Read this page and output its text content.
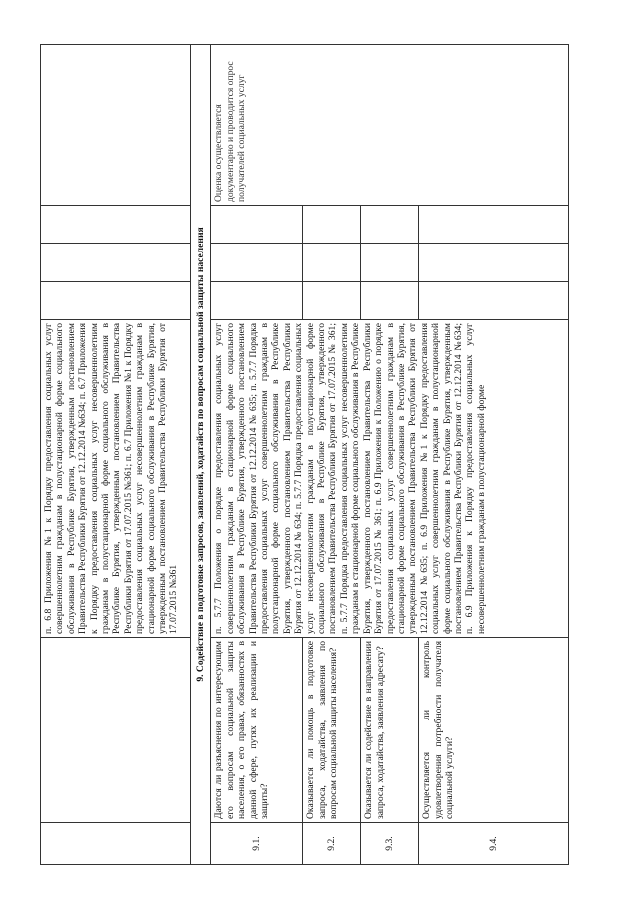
		п. 6.8 Приложения №1 к Порядку предоставления социальных услуг совершеннолетним гражданам в полустационарной форме социального обслуживания в Республике Бурятия, утвержденным постановлением Правительства Республики Бурятия от 12.12.2014 №634; п. 6.7 Приложения к Порядку предоставления социальных услуг несовершеннолетним гражданам в полустационарной форме социального обслуживания в Республике Бурятия, утвержденным постановлением Правительства Республики Бурятия от 17.07.2015 №361; п. 6.7 Приложения №1 к Порядку предоставления социальных услуг несовершеннолетним гражданам в стационарной форме социального обслуживания в Республике Бурятия, утвержденным постановлением Правительства Республики Бурятия от 17.07.2015 №361				
9. Содействие в подготовке запросов, заявлений, ходатайств по вопросам социальной защиты населения						
9.1.	Даются ли разъяснения по интересующим его вопросам социальной защиты населения, о его правах, обязанностях в данной сфере, путях их реализации и защиты?	п. 5.7.7 Положения о порядке предоставления социальных услуг совершеннолетним гражданам в стационарной форме социального обслуживания в Республике Бурятия, утвержденного постановлением Правительства Республики Бурятия от 12.12.2014 № 635; п. 5.7.7 Порядка предоставления социальных услуг совершеннолетним гражданам в полустационарной форме социального обслуживания в Республике Бурятия, утвержденного постановлением Правительства Республики Бурятия от 12.12.2014 № 634; п. 5.7.7 Порядка предоставления социальных услуг несовершеннолетним гражданам в полустационарной форме социального обслуживания в Республике Бурятия, утвержденного постановлением Правительства Республики Бурятия от 17.07.2015 № 361; п. 5.7.7 Порядка предоставления социальных услуг несовершеннолетним гражданам в стационарной форме социального обслуживания в Республике Бурятия, утвержденного постановлением Правительства Республики Бурятия от 17.07.2015 № 361; п. 6.9 Приложения к Положению о порядке предоставления социальных услуг совершеннолетним гражданам в стационарной форме социального обслуживания в Республике Бурятия, утвержденным постановлением Правительства Республики Бурятия от 12.12.2014 №635; п. 6.9 Приложения №1 к Порядку предоставления социальных услуг совершеннолетним гражданам в полустационарной форме социального обслуживания в Республике Бурятия, утвержденным постановлением Правительства Республики Бурятия от 12.12.2014 №634; п. 6.9 Приложения к Порядку предоставления социальных услуг несовершеннолетним гражданам в полустационарной форме				Оценка осуществляется документарно и проводится опрос получателей социальных услуг
9.2.	Оказывается ли помощь в подготовке запроса, ходатайства, заявления по вопросам социальной защиты населения?					
9.3.	Оказывается ли содействие в направлении запроса, ходатайства, заявления адресату?					
9.4.	Осуществляется ли контроль удовлетворения потребности получателя социальной услуги?					
